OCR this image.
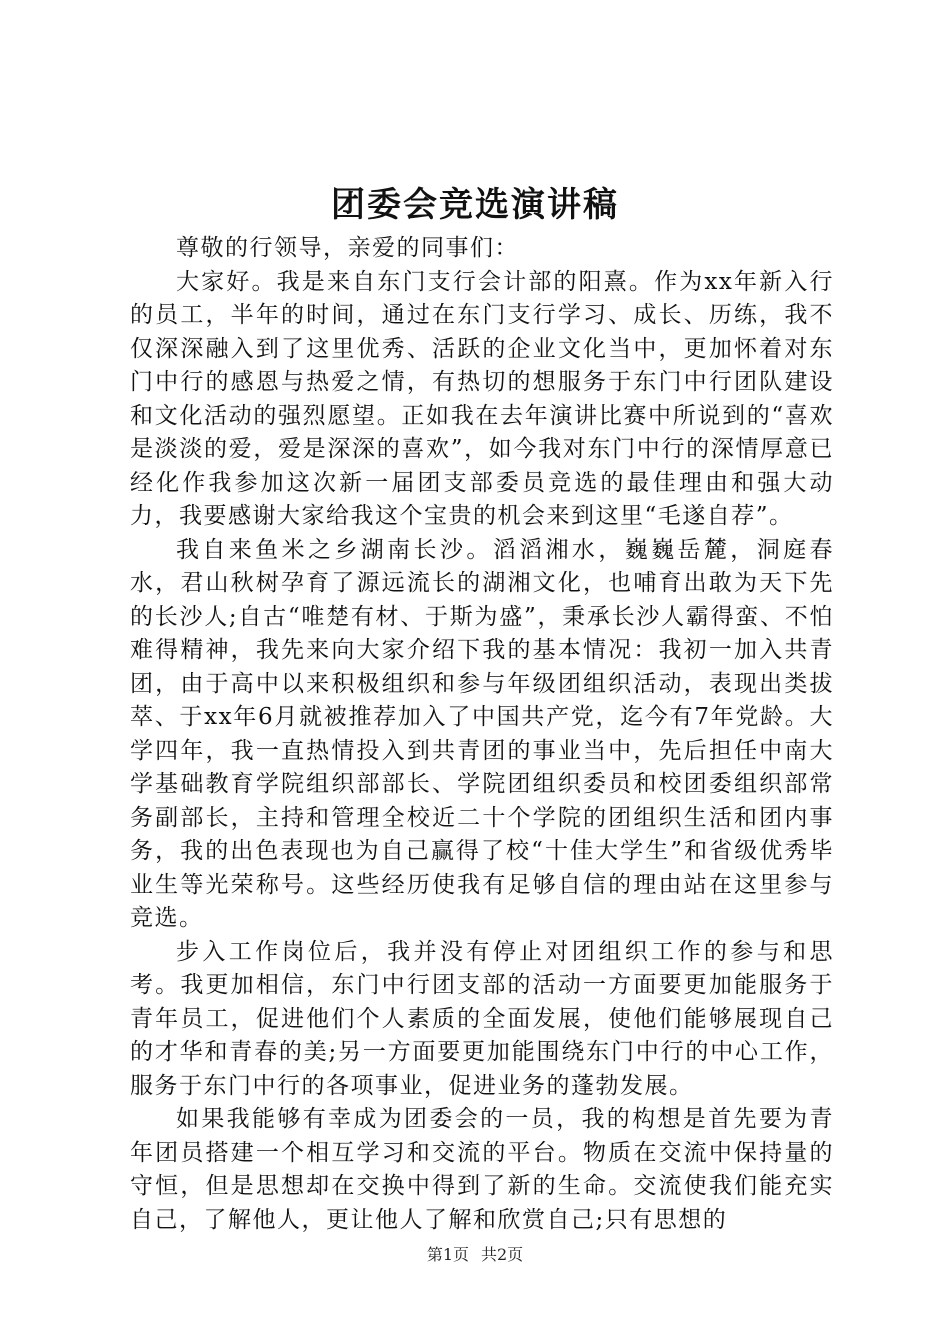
团委会竞选演讲稿

尊敬的行领导，亲爱的同事们：

大家好。我是来自东门支行会计部的阳熹。作为xx年新入行的员工，半年的时间，通过在东门支行学习、成长、历练，我不仅深深融入到了这里优秀、活跃的企业文化当中，更加怀着对东门中行的感恩与热爱之情，有热切的想服务于东门中行团队建设和文化活动的强烈愿望。正如我在去年演讲比赛中所说到的“喜欢是淡淡的爱，爱是深深的喜欢”，如今我对东门中行的深情厚意已经化作我参加这次新一届团支部委员竞选的最佳理由和强大动力，我要感谢大家给我这个宝贵的机会来到这里“毛遂自荐”。

我自来鱼米之乡湖南长沙。滔滔湘水，巍巍岳麓，洞庭春水，君山秋树孕育了源远流长的湖湘文化，也哺育出敢为天下先的长沙人;自古“唯楚有材、于斯为盛”，秉承长沙人霸得蛮、不怕难得精神，我先来向大家介绍下我的基本情况：我初一加入共青团，由于高中以来积极组织和参与年级团组织活动，表现出类拔萃、于xx年6月就被推荐加入了中国共产党，迄今有7年党龄。大学四年，我一直热情投入到共青团的事业当中，先后担任中南大学基础教育学院组织部部长、学院团组织委员和校团委组织部常务副部长，主持和管理全校近二十个学院的团组织生活和团内事务，我的出色表现也为自己赢得了校“十佳大学生”和省级优秀毕业生等光荣称号。这些经历使我有足够自信的理由站在这里参与竞选。

步入工作岗位后，我并没有停止对团组织工作的参与和思考。我更加相信，东门中行团支部的活动一方面要更加能服务于青年员工，促进他们个人素质的全面发展，使他们能够展现自己的才华和青春的美;另一方面要更加能围绕东门中行的中心工作，服务于东门中行的各项事业，促进业务的蓬勃发展。

如果我能够有幸成为团委会的一员，我的构想是首先要为青年团员搭建一个相互学习和交流的平台。物质在交流中保持量的守恒，但是思想却在交换中得到了新的生命。交流使我们能充实自己，了解他人，更让他人了解和欣赏自己;只有思想的

第1页 共2页
